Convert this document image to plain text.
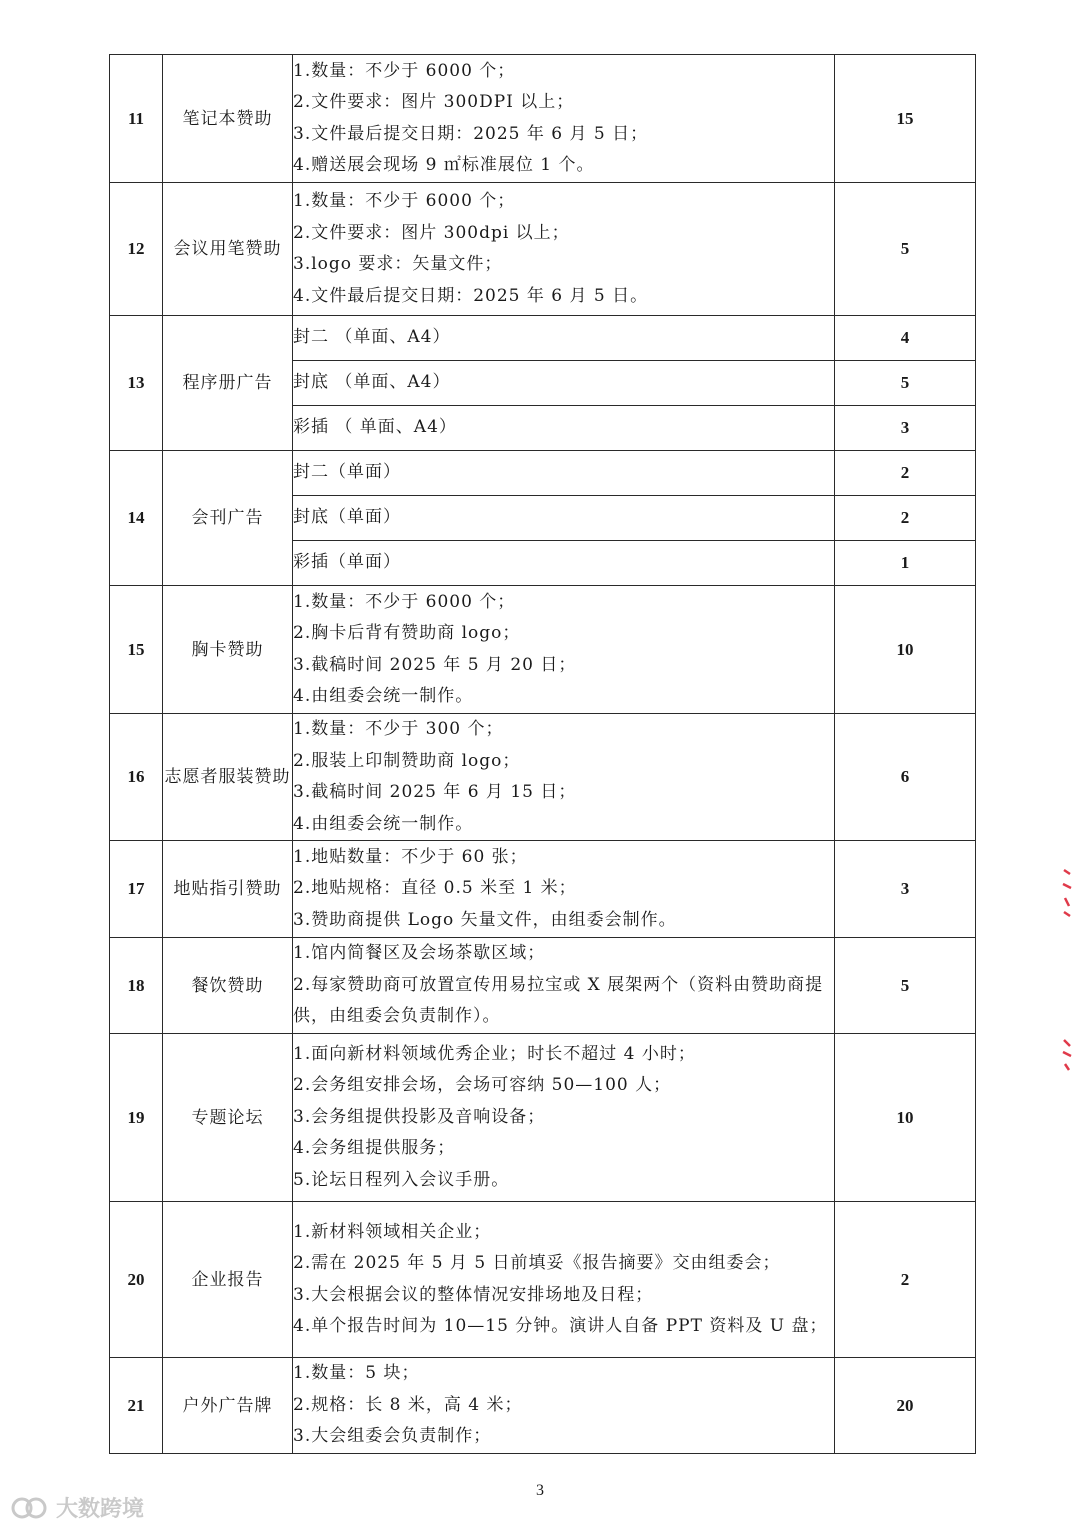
11	笔记本赞助	1.数量：不少于 6000 个；
2.文件要求：图片 300DPI 以上；
3.文件最后提交日期：2025 年 6 月 5 日；
4.赠送展会现场 9 ㎡标准展位 1 个。	15
12	会议用笔赞助	1.数量：不少于 6000 个；
2.文件要求：图片 300dpi 以上；
3.logo 要求：矢量文件；
4.文件最后提交日期：2025 年 6 月 5 日。	5
13	程序册广告	封二 （单面、A4）	4
		封底 （单面、A4）	5
		彩插 （ 单面、A4）	3
14	会刊广告	封二（单面）	2
		封底（单面）	2
		彩插（单面）	1
15	胸卡赞助	1.数量：不少于 6000 个；
2.胸卡后背有赞助商 logo；
3.截稿时间 2025 年 5 月 20 日；
4.由组委会统一制作。	10
16	志愿者服装赞助	1.数量：不少于 300 个；
2.服装上印制赞助商 logo；
3.截稿时间 2025 年 6 月 15 日；
4.由组委会统一制作。	6
17	地贴指引赞助	1.地贴数量：不少于 60 张；
2.地贴规格：直径 0.5 米至 1 米；
3.赞助商提供 Logo 矢量文件，由组委会制作。	3
18	餐饮赞助	1.馆内简餐区及会场茶歇区域；
2.每家赞助商可放置宣传用易拉宝或 X 展架两个（资料由赞助商提供，由组委会负责制作）。	5
19	专题论坛	1.面向新材料领域优秀企业；时长不超过 4 小时；
2.会务组安排会场，会场可容纳 50—100 人；
3.会务组提供投影及音响设备；
4.会务组提供服务；
5.论坛日程列入会议手册。	10
20	企业报告	1.新材料领域相关企业；
2.需在 2025 年 5 月 5 日前填妥《报告摘要》交由组委会；
3.大会根据会议的整体情况安排场地及日程；
4.单个报告时间为 10—15 分钟。演讲人自备 PPT 资料及 U 盘；	2
21	户外广告牌	1.数量：5 块；
2.规格：长 8 米，高 4 米；
3.大会组委会负责制作；	20
3
大数跨境
